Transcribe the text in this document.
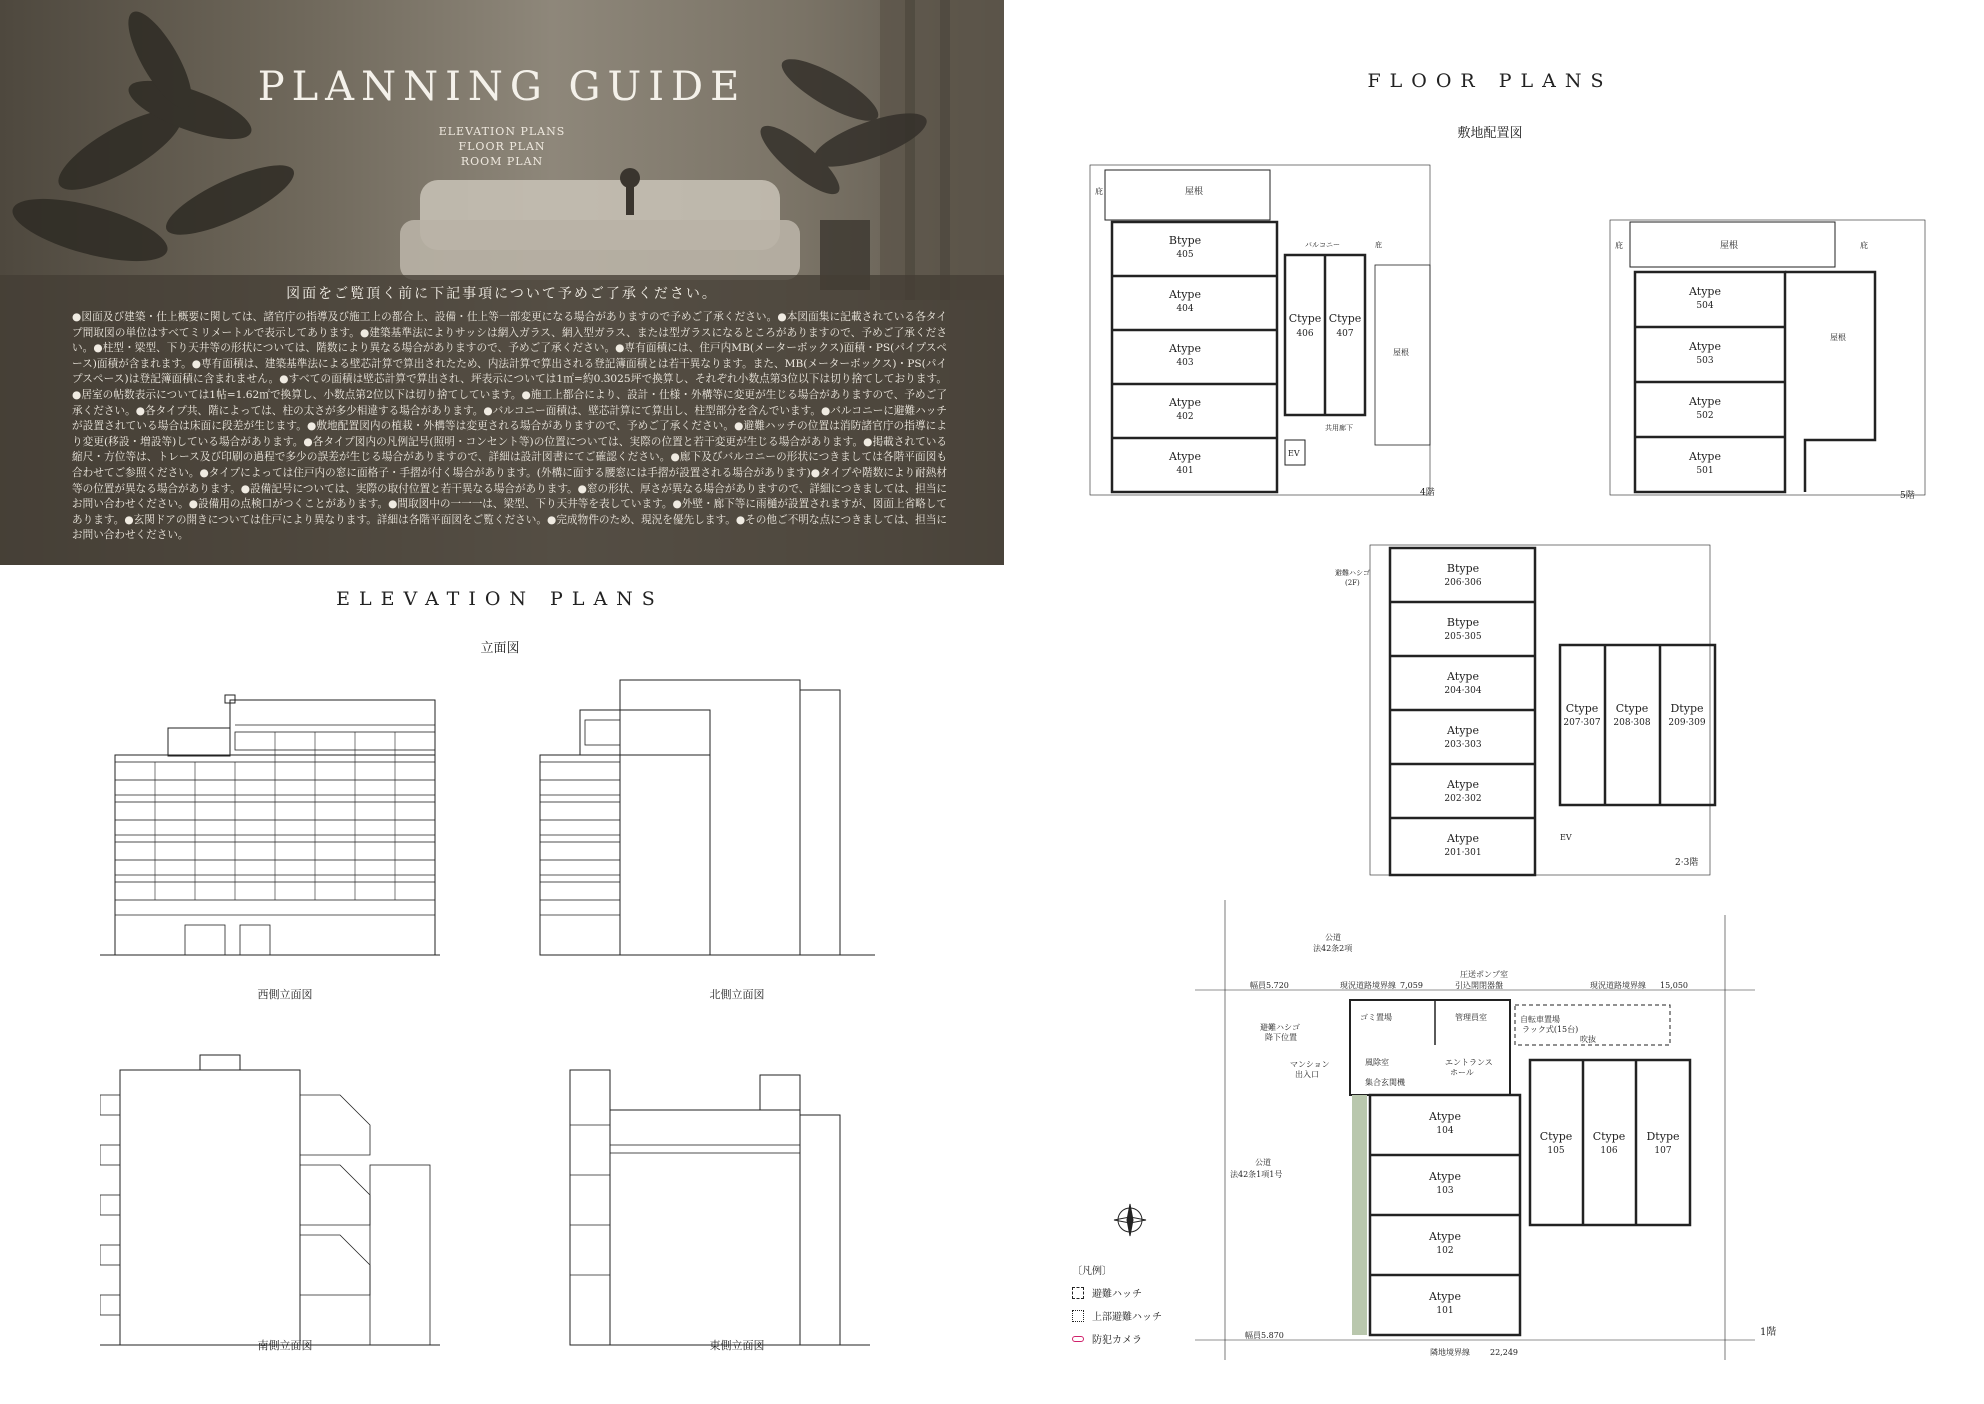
PLANNING GUIDE
ELEVATION PLANS
FLOOR PLAN
ROOM PLAN
図面をご覧頂く前に下記事項について予めご了承ください。

●図面及び建築・仕上概要に関しては、諸官庁の指導及び施工上の都合上、設備・仕上等一部変更になる場合がありますので予めご了承ください。●本図面集に記載されている各タイプ間取図の単位はすべてミリメートルで表示してあります。●建築基準法によりサッシは網入ガラス、網入型ガラス、または型ガラスになるところがありますので、予めご了承ください。●柱型・梁型、下り天井等の形状については、階数により異なる場合がありますので、予めご了承ください。●専有面積には、住戸内MB(メーターボックス)面積・PS(パイプスペース)面積が含まれます。●専有面積は、建築基準法による壁芯計算で算出されたため、内法計算で算出される登記簿面積とは若干異なります。また、MB(メーターボックス)・PS(パイプスペース)は登記簿面積に含まれません。●すべての面積は壁芯計算で算出され、坪表示については1㎡=約0.3025坪で換算し、それぞれ小数点第3位以下は切り捨てしております。●居室の帖数表示については1帖=1.62㎡で換算し、小数点第2位以下は切り捨てしています。●施工上都合により、設計・仕様・外構等に変更が生じる場合がありますので、予めご了承ください。●各タイプ共、階によっては、柱の太さが多少相違する場合があります。●バルコニー面積は、壁芯計算にて算出し、柱型部分を含んでいます。●バルコニーに避難ハッチが設置されている場合は床面に段差が生じます。●敷地配置図内の植栽・外構等は変更される場合がありますので、予めご了承ください。●避難ハッチの位置は消防諸官庁の指導により変更(移設・増設等)している場合があります。●各タイプ図内の凡例記号(照明・コンセント等)の位置については、実際の位置と若干変更が生じる場合があります。●掲載されている縮尺・方位等は、トレース及び印刷の過程で多少の誤差が生じる場合がありますので、詳細は設計図書にてご確認ください。●廊下及びバルコニーの形状につきましては各階平面図も合わせてご参照ください。●タイプによっては住戸内の窓に面格子・手摺が付く場合があります。(外構に面する腰窓には手摺が設置される場合があります)●タイプや階数により耐熱材等の位置が異なる場合があります。●設備記号については、実際の取付位置と若干異なる場合があります。●窓の形状、厚さが異なる場合がありますので、詳細につきましては、担当にお問い合わせください。●設備用の点検口がつくことがあります。●間取図中の一一一は、梁型、下り天井等を表しています。●外壁・廊下等に雨樋が設置されますが、図面上省略してあります。●玄関ドアの開きについては住戸により異なります。詳細は各階平面図をご覧ください。●完成物件のため、現況を優先します。●その他ご不明な点につきましては、担当にお問い合わせください。

ELEVATION PLANS
立面図
西側立面図	北側立面図
南側立面図	東側立面図
FLOOR PLANS
敷地配置図
屋根
庇
屋根
EV
共用廊下
バルコニー	庇
Btype
405
Atype
404
Atype
403
Atype
402
Atype
401
Ctype
406
Ctype
407
4階
屋根
庇	庇
屋根
Atype
504
Atype
503
Atype
502
Atype
501
5階
Btype
206·306
Btype
205·305
Atype
204·304
Atype
203·303
Atype
202·302
Atype
201·301
Ctype
207·307
Ctype
208·308
Dtype
209·309
避難ハシゴ
(2F)
EV
2·3階
Atype
104
Atype
103
Atype
102
Atype
101
Ctype
105
Ctype
106
Dtype
107
公道
法42条2項
幅員5.720	現況道路境界線 7,059	現況道路境界線 15,050
引込開閉器盤
圧送ポンプ室
避難ハシゴ
降下位置
ゴミ置場	管理員室	自転車置場
ラック式(15台)
吹抜
風除室	エントランス
ホール
集合玄関機
マンション
出入口
公道
法42条1項1号
幅員5.870
隣地境界線	22,249
1階
〔凡例〕
避難ハッチ
上部避難ハッチ
防犯カメラ
